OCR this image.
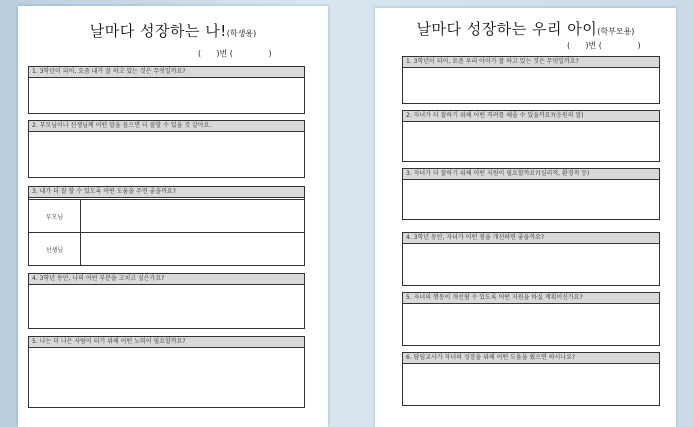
날마다 성장하는 나!(학생용)
(      )번 (              )
1. 3학년이 되어, 요즘 내가 잘 하고 있는 것은 무엇일까요?
2. 부모님이나 선생님께 어떤 말을 들으면 더 잘할 수 있을 것 같아요.
3. 내가 더 잘 할 수 있도록 어떤 도움을 주면 좋을까요?
부모님
선생님
4. 3학년 동안, 나의 어떤 부분을 고치고 싶은가요?
5. 나는 더 나은 사람이 되기 위해 어떤 노력이 필요할까요?
날마다 성장하는 우리 아이(학부모용)
(      )번 (              )
1. 3학년이 되어, 요즘 우리 아이가 잘 하고 있는 것은 무엇일까요?
2. 자녀가 더 잘하기 위해 어떤 격려를 해줄 수 있을까요?(응원의 말)
3. 자녀가 더 잘하기 위해 어떤 지원이 필요할까요?(심리적, 환경적 등)
4. 3학년 동안, 자녀가 어떤 점을 개선하면 좋을까요?
5. 자녀의 행동이 개선될 수 있도록 어떤 지원을 하실 계획이신가요?
6. 담임교사가 자녀의 성장을 위해 어떤 도움을 줬으면 하시나요?
